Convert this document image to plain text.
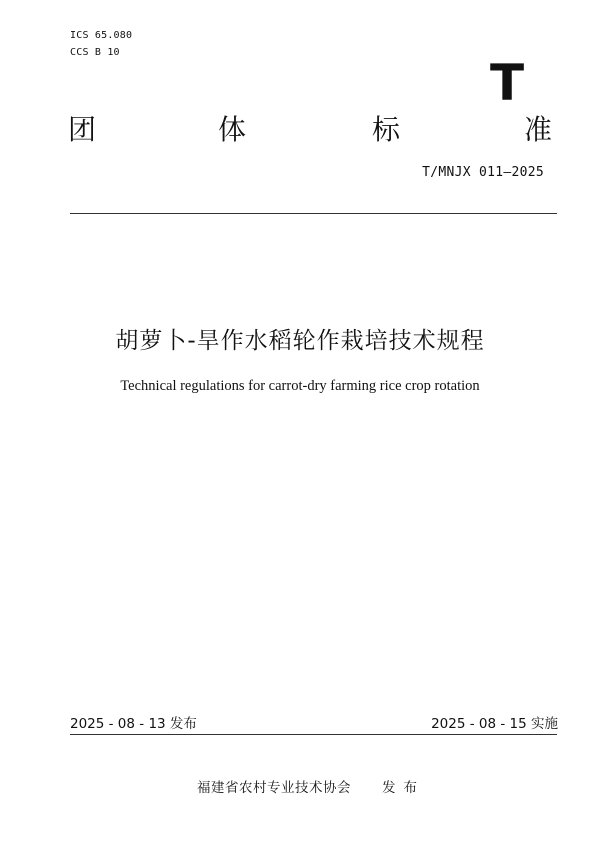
ICS 65.080
CCS B 10
T
团	体	标	准
T/MNJX 011—2025
胡萝卜-旱作水稻轮作栽培技术规程
Technical regulations for carrot-dry farming rice crop rotation
2025 - 08 - 13 发布	2025 - 08 - 15 实施
福建省农村专业技术协会 发布
